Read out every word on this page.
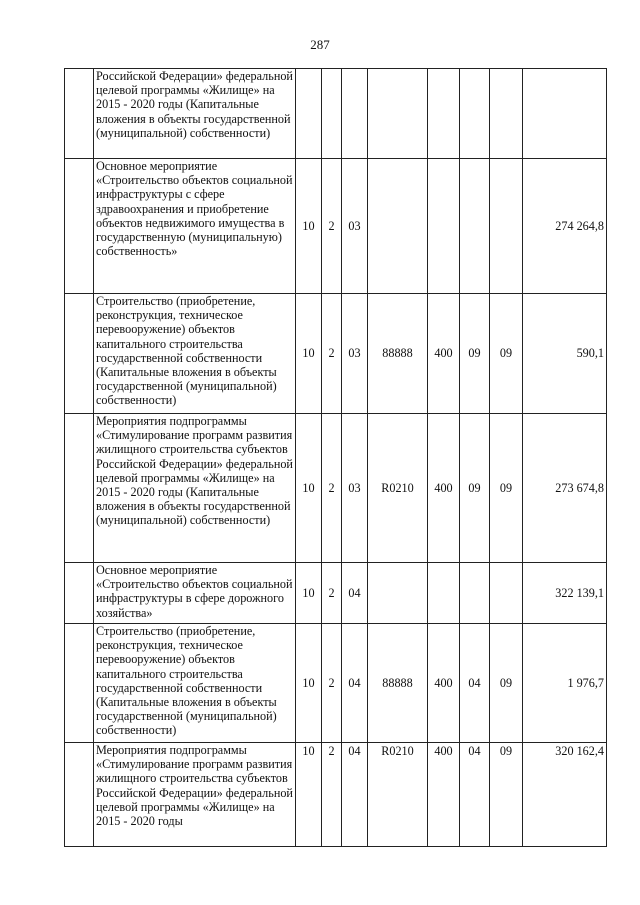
287
	Российской Федерации» федеральной целевой программы «Жилище» на 2015 - 2020 годы (Капитальные вложения в объекты государственной (муниципальной) собственности)								
	Основное мероприятие «Строительство объектов социальной инфраструктуры с сфере здравоохранения и приобретение объектов недвижимого имущества в государственную (муниципальную) собственность»	10	2	03					274 264,8
	Строительство (приобретение, реконструкция, техническое перевооружение) объектов капитального строительства государственной собственности (Капитальные вложения в объекты государственной (муниципальной) собственности)	10	2	03	88888	400	09	09	590,1
	Мероприятия подпрограммы «Стимулирование программ развития жилищного строительства субъектов Российской Федерации» федеральной целевой программы «Жилище» на 2015 - 2020 годы (Капитальные вложения в объекты государственной (муниципальной) собственности)	10	2	03	R0210	400	09	09	273 674,8
	Основное мероприятие «Строительство объектов социальной инфраструктуры в сфере дорожного хозяйства»	10	2	04					322 139,1
	Строительство (приобретение, реконструкция, техническое перевооружение) объектов капитального строительства государственной собственности (Капитальные вложения в объекты государственной (муниципальной) собственности)	10	2	04	88888	400	04	09	1 976,7
	Мероприятия подпрограммы «Стимулирование программ развития жилищного строительства субъектов Российской Федерации» федеральной целевой программы «Жилище» на 2015 - 2020 годы	10	2	04	R0210	400	04	09	320 162,4
